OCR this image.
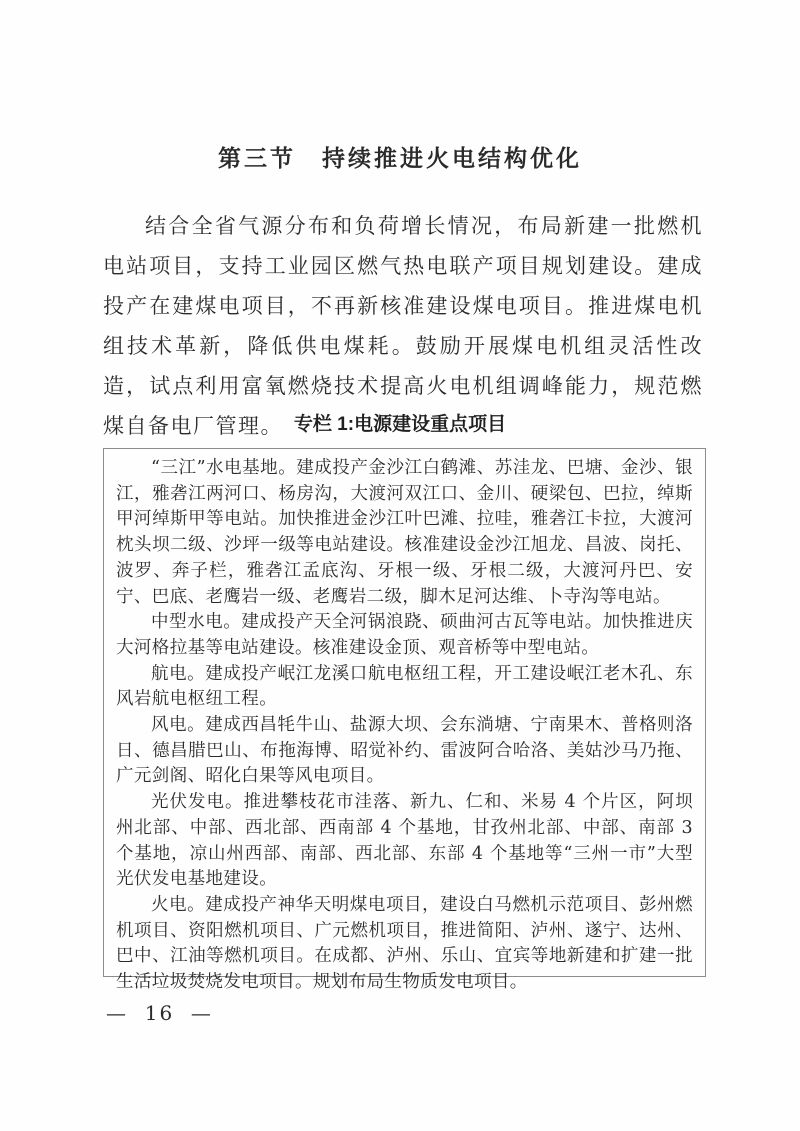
第三节　持续推进火电结构优化

结合全省气源分布和负荷增长情况，布局新建一批燃机电站项目，支持工业园区燃气热电联产项目规划建设。建成投产在建煤电项目，不再新核准建设煤电项目。推进煤电机组技术革新，降低供电煤耗。鼓励开展煤电机组灵活性改造，试点利用富氧燃烧技术提高火电机组调峰能力，规范燃煤自备电厂管理。 专栏 1:电源建设重点项目

“三江”水电基地。建成投产金沙江白鹤滩、苏洼龙、巴塘、金沙、银江，雅砻江两河口、杨房沟，大渡河双江口、金川、硬梁包、巴拉，绰斯甲河绰斯甲等电站。加快推进金沙江叶巴滩、拉哇，雅砻江卡拉，大渡河枕头坝二级、沙坪一级等电站建设。核准建设金沙江旭龙、昌波、岗托、波罗、奔子栏，雅砻江孟底沟、牙根一级、牙根二级，大渡河丹巴、安宁、巴底、老鹰岩一级、老鹰岩二级，脚木足河达维、卜寺沟等电站。

中型水电。建成投产天全河锅浪跷、硕曲河古瓦等电站。加快推进庆大河格拉基等电站建设。核准建设金顶、观音桥等中型电站。

航电。建成投产岷江龙溪口航电枢纽工程，开工建设岷江老木孔、东风岩航电枢纽工程。

风电。建成西昌牦牛山、盐源大坝、会东淌塘、宁南果木、普格则洛日、德昌腊巴山、布拖海博、昭觉补约、雷波阿合哈洛、美姑沙马乃拖、广元剑阁、昭化白果等风电项目。

光伏发电。推进攀枝花市洼落、新九、仁和、米易 4 个片区，阿坝州北部、中部、西北部、西南部 4 个基地，甘孜州北部、中部、南部 3 个基地，凉山州西部、南部、西北部、东部 4 个基地等“三州一市”大型光伏发电基地建设。

火电。建成投产神华天明煤电项目，建设白马燃机示范项目、彭州燃机项目、资阳燃机项目、广元燃机项目，推进简阳、泸州、遂宁、达州、巴中、江油等燃机项目。在成都、泸州、乐山、宜宾等地新建和扩建一批生活垃圾焚烧发电项目。规划布局生物质发电项目。

—  16  —
